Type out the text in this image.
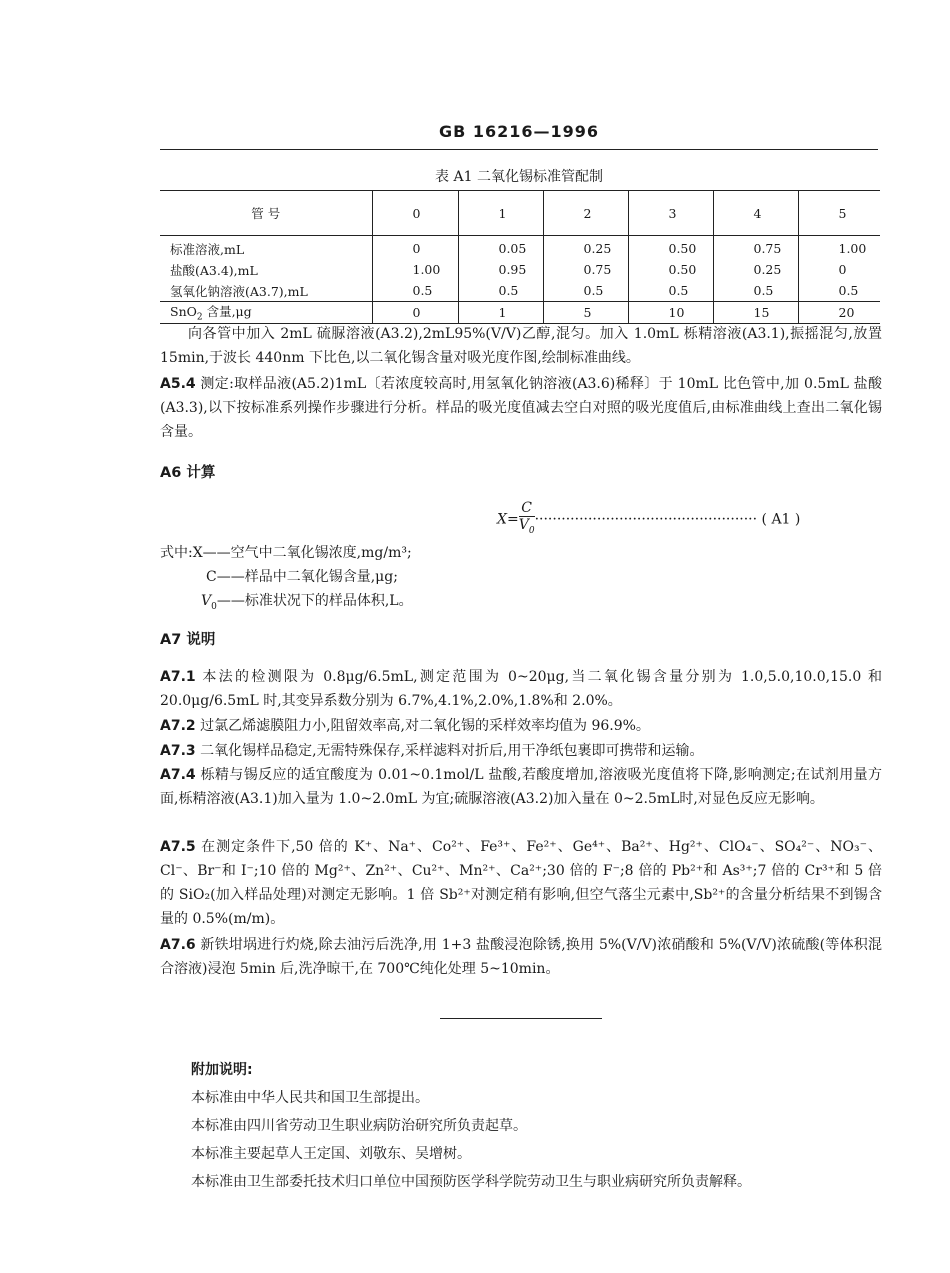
GB 16216—1996
表 A1 二氧化锡标准管配制
管 号	0	1	2	3	4	5
标准溶液,mL	0	0.05	0.25	0.50	0.75	1.00
盐酸(A3.4),mL	1.00	0.95	0.75	0.50	0.25	0
氢氧化钠溶液(A3.7),mL	0.5	0.5	0.5	0.5	0.5	0.5
SnO$_2$ 含量,μg	0	1	5	10	15	20
向各管中加入 2mL 硫脲溶液(A3.2),2mL95%(V/V)乙醇,混匀。加入 1.0mL 栎精溶液(A3.1),振摇混匀,放置 15min,于波长 440nm 下比色,以二氧化锡含量对吸光度作图,绘制标准曲线。
A5.4 测定:取样品液(A5.2)1mL〔若浓度较高时,用氢氧化钠溶液(A3.6)稀释〕于 10mL 比色管中,加 0.5mL 盐酸(A3.3),以下按标准系列操作步骤进行分析。样品的吸光度值减去空白对照的吸光度值后,由标准曲线上查出二氧化锡含量。
A6 计算
$X= \frac{C}{V_0}$ ·················································· ( A1 )
式中:X——空气中二氧化锡浓度,mg/m³;
C——样品中二氧化锡含量,μg;
$V_0——$标准状况下的样品体积,L。
A7 说明
A7.1 本法的检测限为 0.8μg/6.5mL,测定范围为 0~20μg,当二氧化锡含量分别为 1.0,5.0,10.0,15.0 和 20.0μg/6.5mL 时,其变异系数分别为 6.7%,4.1%,2.0%,1.8%和 2.0%。
A7.2 过氯乙烯滤膜阻力小,阻留效率高,对二氧化锡的采样效率均值为 96.9%。
A7.3 二氧化锡样品稳定,无需特殊保存,采样滤料对折后,用干净纸包裹即可携带和运输。
A7.4 栎精与锡反应的适宜酸度为 0.01~0.1mol/L 盐酸,若酸度增加,溶液吸光度值将下降,影响测定;在试剂用量方面,栎精溶液(A3.1)加入量为 1.0~2.0mL 为宜;硫脲溶液(A3.2)加入量在 0~2.5mL时,对显色反应无影响。
A7.5 在测定条件下,50 倍的 K⁺、Na⁺、Co²⁺、Fe³⁺、Fe²⁺、Ge⁴⁺、Ba²⁺、Hg²⁺、ClO₄⁻、SO₄²⁻、NO₃⁻、Cl⁻、Br⁻和 I⁻;10 倍的 Mg²⁺、Zn²⁺、Cu²⁺、Mn²⁺、Ca²⁺;30 倍的 F⁻;8 倍的 Pb²⁺和 As³⁺;7 倍的 Cr³⁺和 5 倍的 SiO₂(加入样品处理)对测定无影响。1 倍 Sb²⁺对测定稍有影响,但空气落尘元素中,Sb²⁺的含量分析结果不到锡含量的 0.5%(m/m)。
A7.6 新铁坩埚进行灼烧,除去油污后洗净,用 1+3 盐酸浸泡除锈,换用 5%(V/V)浓硝酸和 5%(V/V)浓硫酸(等体积混合溶液)浸泡 5min 后,洗净晾干,在 700℃纯化处理 5~10min。
附加说明:
本标准由中华人民共和国卫生部提出。
本标准由四川省劳动卫生职业病防治研究所负责起草。
本标准主要起草人王定国、刘敬东、吴增树。
本标准由卫生部委托技术归口单位中国预防医学科学院劳动卫生与职业病研究所负责解释。
